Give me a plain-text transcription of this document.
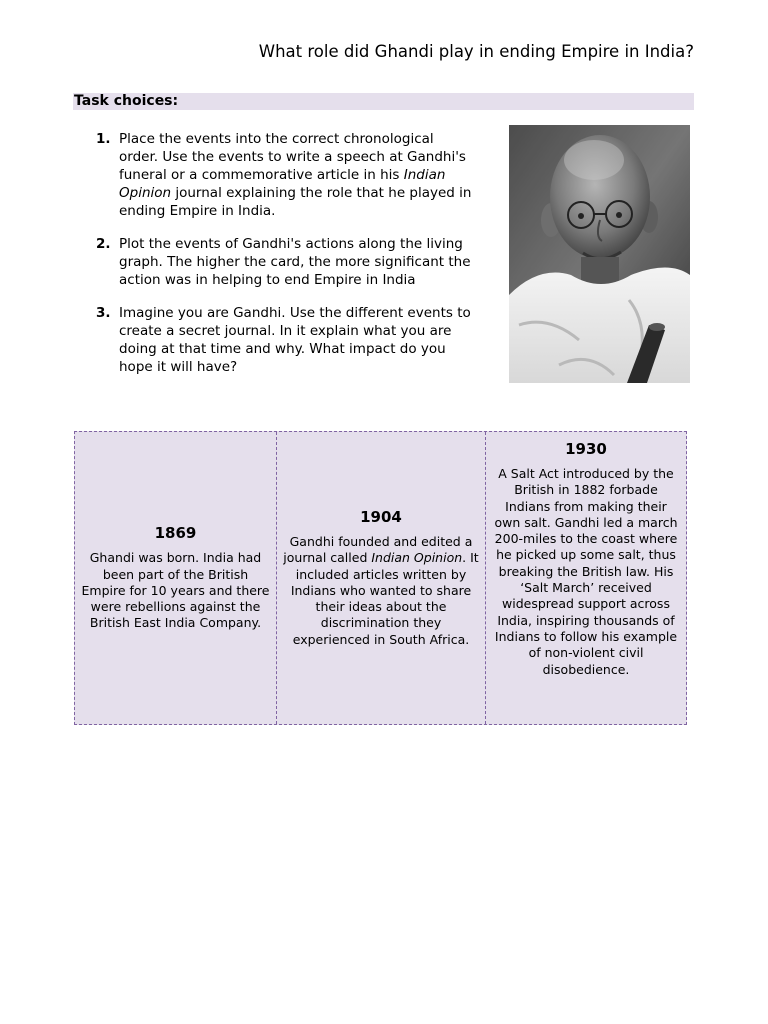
What role did Ghandi play in ending Empire in India?
Task choices:
1. Place the events into the correct chronological order. Use the events to write a speech at Gandhi's funeral or a commemorative article in his Indian Opinion journal explaining the role that he played in ending Empire in India.
2. Plot the events of Gandhi's actions along the living graph. The higher the card, the more significant the action was in helping to end Empire in India
3. Imagine you are Gandhi. Use the different events to create a secret journal. In it explain what you are doing at that time and why. What impact do you hope it will have?
1869
Ghandi was born. India had been part of the British Empire for 10 years and there were rebellions against the British East India Company.
1904
Gandhi founded and edited a journal called Indian Opinion. It included articles written by Indians who wanted to share their ideas about the discrimination they experienced in South Africa.
1930
A Salt Act introduced by the British in 1882 forbade Indians from making their own salt. Gandhi led a march 200-miles to the coast where he picked up some salt, thus breaking the British law. His ‘Salt March’ received widespread support across India, inspiring thousands of Indians to follow his example of non-violent civil disobedience.
